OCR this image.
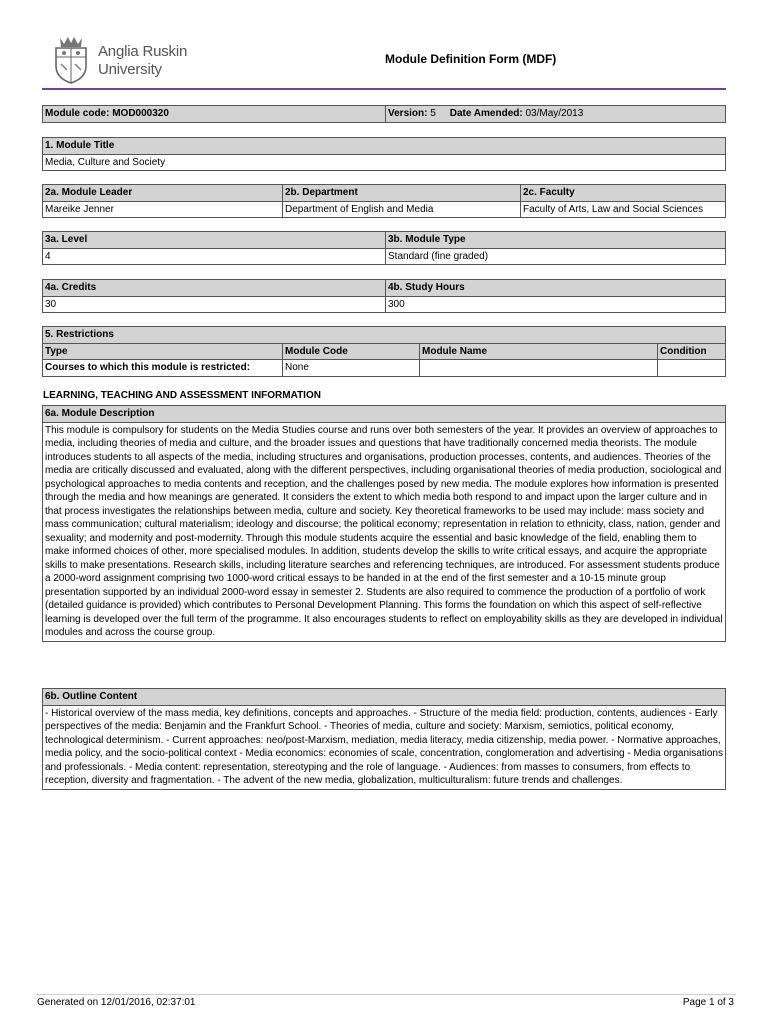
Anglia Ruskin
University
Module Definition Form (MDF)
Module code: MOD000320	Version: 5 Date Amended: 03/May/2013
1. Module Title
Media, Culture and Society
2a. Module Leader	2b. Department	2c. Faculty
Mareike Jenner	Department of English and Media	Faculty of Arts, Law and Social Sciences
3a. Level	3b. Module Type
4	Standard (fine graded)
4a. Credits	4b. Study Hours
30	300
5. Restrictions			
Type	Module Code	Module Name	Condition
Courses to which this module is restricted:	None		
LEARNING, TEACHING AND ASSESSMENT INFORMATION
6a. Module Description
This module is compulsory for students on the Media Studies course and runs over both semesters of the year. It provides an overview of approaches to media, including theories of media and culture, and the broader issues and questions that have traditionally concerned media theorists. The module introduces students to all aspects of the media, including structures and organisations, production processes, contents, and audiences. Theories of the media are critically discussed and evaluated, along with the different perspectives, including organisational theories of media production, sociological and psychological approaches to media contents and reception, and the challenges posed by new media. The module explores how information is presented through the media and how meanings are generated. It considers the extent to which media both respond to and impact upon the larger culture and in that process investigates the relationships between media, culture and society. Key theoretical frameworks to be used may include: mass society and mass communication; cultural materialism; ideology and discourse; the political economy; representation in relation to ethnicity, class, nation, gender and sexuality; and modernity and post-modernity. Through this module students acquire the essential and basic knowledge of the field, enabling them to make informed choices of other, more specialised modules. In addition, students develop the skills to write critical essays, and acquire the appropriate skills to make presentations. Research skills, including literature searches and referencing techniques, are introduced. For assessment students produce a 2000-word assignment comprising two 1000-word critical essays to be handed in at the end of the first semester and a 10-15 minute group presentation supported by an individual 2000-word essay in semester 2. Students are also required to commence the production of a portfolio of work (detailed guidance is provided) which contributes to Personal Development Planning. This forms the foundation on which this aspect of self-reflective learning is developed over the full term of the programme. It also encourages students to reflect on employability skills as they are developed in individual modules and across the course group.
6b. Outline Content
- Historical overview of the mass media, key definitions, concepts and approaches. - Structure of the media field: production, contents, audiences - Early perspectives of the media: Benjamin and the Frankfurt School. - Theories of media, culture and society: Marxism, semiotics, political economy, technological determinism. - Current approaches: neo/post-Marxism, mediation, media literacy, media citizenship, media power. - Normative approaches, media policy, and the socio-political context - Media economics: economies of scale, concentration, conglomeration and advertising - Media organisations and professionals. - Media content: representation, stereotyping and the role of language. - Audiences: from masses to consumers, from effects to reception, diversity and fragmentation. - The advent of the new media, globalization, multiculturalism: future trends and challenges.
Generated on 12/01/2016, 02:37:01	Page 1 of 3
